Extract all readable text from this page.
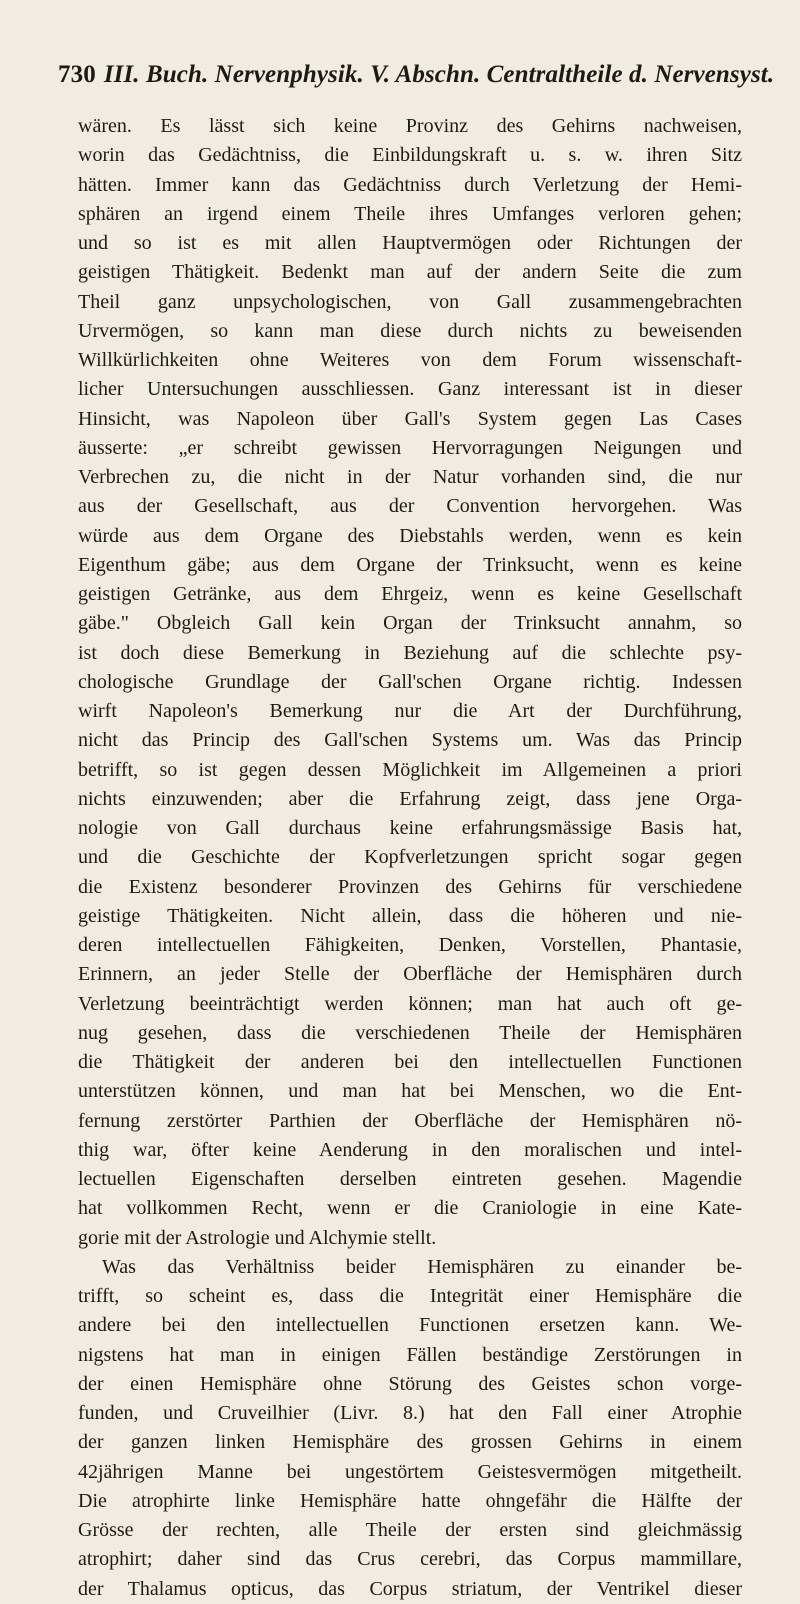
730 III. Buch. Nervenphysik. V. Abschn. Centraltheile d. Nervensyst.
wären. Es lässt sich keine Provinz des Gehirns nachweisen,
worin das Gedächtniss, die Einbildungskraft u. s. w. ihren Sitz
hätten. Immer kann das Gedächtniss durch Verletzung der Hemi-
sphären an irgend einem Theile ihres Umfanges verloren gehen;
und so ist es mit allen Hauptvermögen oder Richtungen der
geistigen Thätigkeit. Bedenkt man auf der andern Seite die zum
Theil ganz unpsychologischen, von Gall zusammengebrachten
Urvermögen, so kann man diese durch nichts zu beweisenden
Willkürlichkeiten ohne Weiteres von dem Forum wissenschaft-
licher Untersuchungen ausschliessen. Ganz interessant ist in dieser
Hinsicht, was Napoleon über Gall's System gegen Las Cases
äusserte: „er schreibt gewissen Hervorragungen Neigungen und
Verbrechen zu, die nicht in der Natur vorhanden sind, die nur
aus der Gesellschaft, aus der Convention hervorgehen. Was
würde aus dem Organe des Diebstahls werden, wenn es kein
Eigenthum gäbe; aus dem Organe der Trinksucht, wenn es keine
geistigen Getränke, aus dem Ehrgeiz, wenn es keine Gesellschaft
gäbe." Obgleich Gall kein Organ der Trinksucht annahm, so
ist doch diese Bemerkung in Beziehung auf die schlechte psy-
chologische Grundlage der Gall'schen Organe richtig. Indessen
wirft Napoleon's Bemerkung nur die Art der Durchführung,
nicht das Princip des Gall'schen Systems um. Was das Princip
betrifft, so ist gegen dessen Möglichkeit im Allgemeinen a priori
nichts einzuwenden; aber die Erfahrung zeigt, dass jene Orga-
nologie von Gall durchaus keine erfahrungsmässige Basis hat,
und die Geschichte der Kopfverletzungen spricht sogar gegen
die Existenz besonderer Provinzen des Gehirns für verschiedene
geistige Thätigkeiten. Nicht allein, dass die höheren und nie-
deren intellectuellen Fähigkeiten, Denken, Vorstellen, Phantasie,
Erinnern, an jeder Stelle der Oberfläche der Hemisphären durch
Verletzung beeinträchtigt werden können; man hat auch oft ge-
nug gesehen, dass die verschiedenen Theile der Hemisphären
die Thätigkeit der anderen bei den intellectuellen Functionen
unterstützen können, und man hat bei Menschen, wo die Ent-
fernung zerstörter Parthien der Oberfläche der Hemisphären nö-
thig war, öfter keine Aenderung in den moralischen und intel-
lectuellen Eigenschaften derselben eintreten gesehen. Magendie
hat vollkommen Recht, wenn er die Craniologie in eine Kate-
gorie mit der Astrologie und Alchymie stellt.
Was das Verhältniss beider Hemisphären zu einander be-
trifft, so scheint es, dass die Integrität einer Hemisphäre die
andere bei den intellectuellen Functionen ersetzen kann. We-
nigstens hat man in einigen Fällen beständige Zerstörungen in
der einen Hemisphäre ohne Störung des Geistes schon vorge-
funden, und Cruveilhier (Livr. 8.) hat den Fall einer Atrophie
der ganzen linken Hemisphäre des grossen Gehirns in einem
42jährigen Manne bei ungestörtem Geistesvermögen mitgetheilt.
Die atrophirte linke Hemisphäre hatte ohngefähr die Hälfte der
Grösse der rechten, alle Theile der ersten sind gleichmässig
atrophirt; daher sind das Crus cerebri, das Corpus mammillare,
der Thalamus opticus, das Corpus striatum, der Ventrikel dieser
